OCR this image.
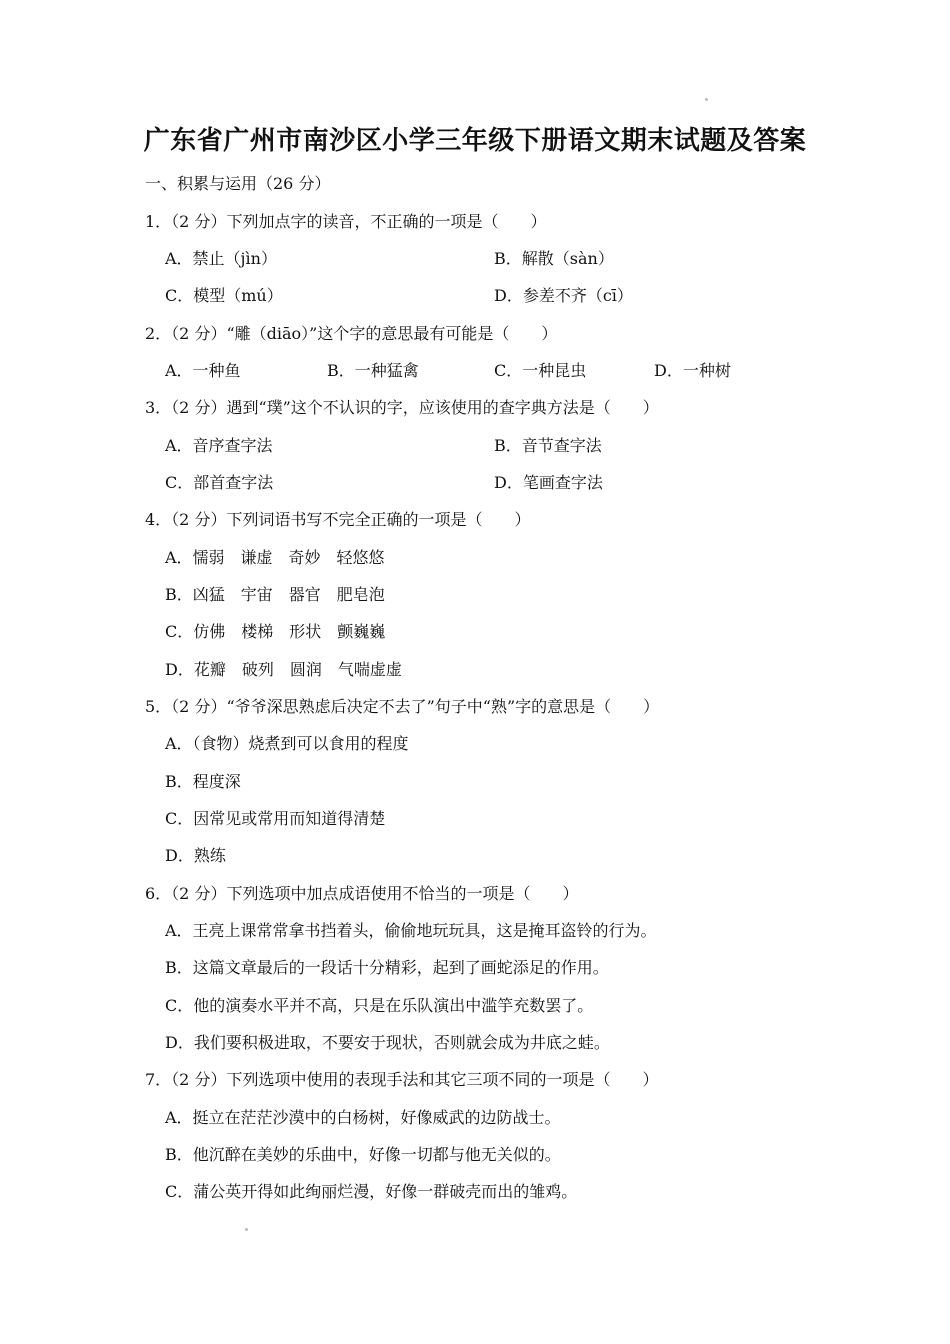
广东省广州市南沙区小学三年级下册语文期末试题及答案
一、积累与运用（26 分）
1．（2 分）下列加点字的读音，不正确的一项是（　　）
A．禁止（jìn）	B．解散（sàn）
C．模型（mú）	D．参差不齐（cī）
2．（2 分）“雕（diāo）”这个字的意思最有可能是（　　）
A．一种鱼	B．一种猛禽	C．一种昆虫	D．一种树
3．（2 分）遇到“璞”这个不认识的字，应该使用的查字典方法是（　　）
A．音序查字法	B．音节查字法
C．部首查字法	D．笔画查字法
4．（2 分）下列词语书写不完全正确的一项是（　　）
A．懦弱　谦虚　奇妙　轻悠悠
B．凶猛　宇宙　器官　肥皂泡
C．仿佛　楼梯　形状　颤巍巍
D．花瓣　破列　圆润　气喘虚虚
5．（2 分）“爷爷深思熟虑后决定不去了”句子中“熟”字的意思是（　　）
A．（食物）烧煮到可以食用的程度
B．程度深
C．因常见或常用而知道得清楚
D．熟练
6．（2 分）下列选项中加点成语使用不恰当的一项是（　　）
A．王亮上课常常拿书挡着头，偷偷地玩玩具，这是掩耳盗铃的行为。
B．这篇文章最后的一段话十分精彩，起到了画蛇添足的作用。
C．他的演奏水平并不高，只是在乐队演出中滥竽充数罢了。
D．我们要积极进取，不要安于现状，否则就会成为井底之蛙。
7．（2 分）下列选项中使用的表现手法和其它三项不同的一项是（　　）
A．挺立在茫茫沙漠中的白杨树，好像威武的边防战士。
B．他沉醉在美妙的乐曲中，好像一切都与他无关似的。
C．蒲公英开得如此绚丽烂漫，好像一群破壳而出的雏鸡。
